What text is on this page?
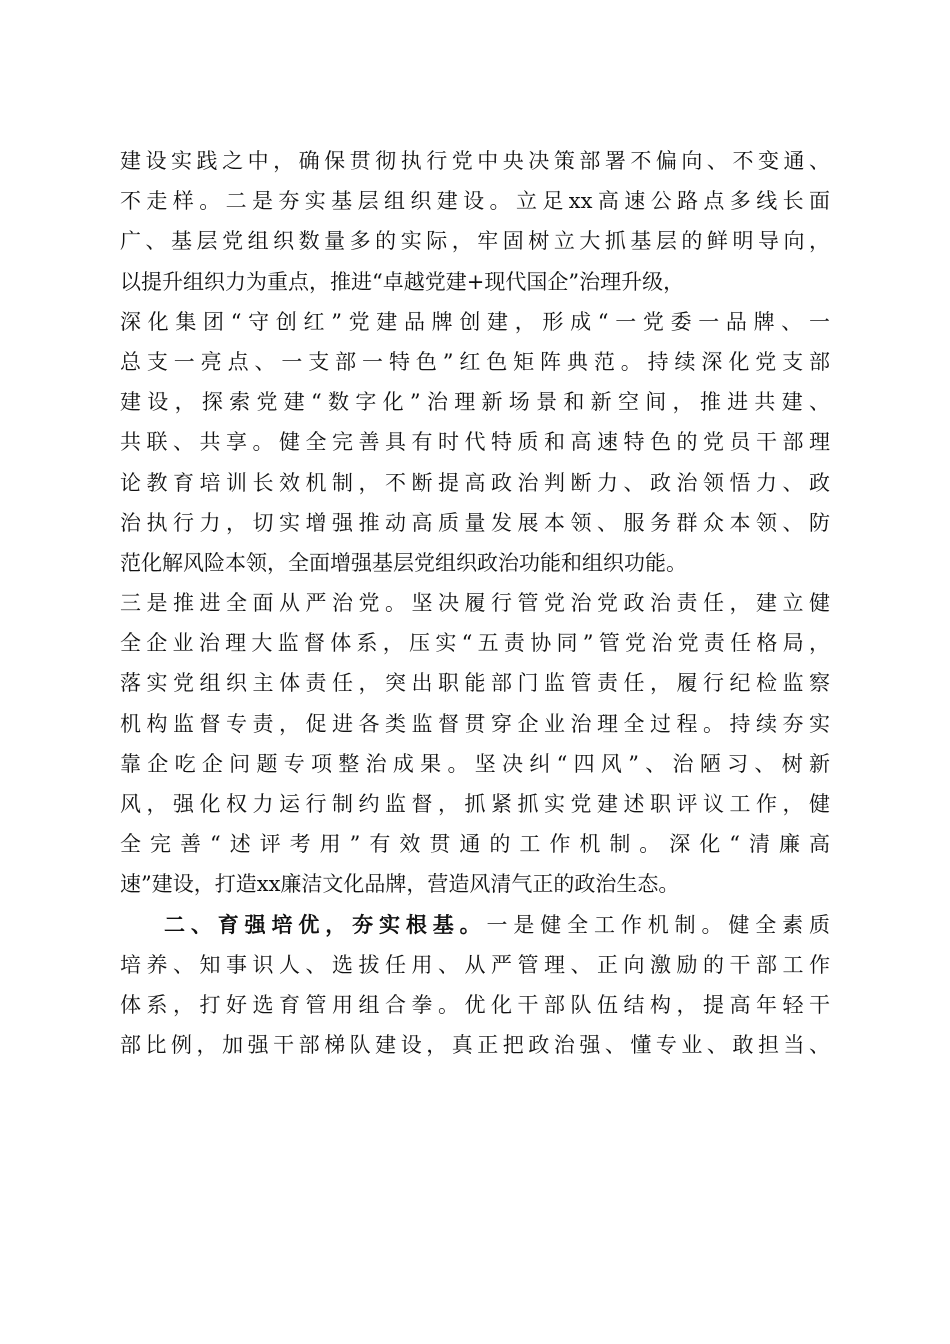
建设实践之中，确保贯彻执行党中央决策部署不偏向、不变通、
不走样。二是夯实基层组织建设。立足xx高速公路点多线长面
广、基层党组织数量多的实际，牢固树立大抓基层的鲜明导向，
以提升组织力为重点，推进“卓越党建+现代国企”治理升级，
深化集团“守创红”党建品牌创建，形成“一党委一品牌、一
总支一亮点、一支部一特色”红色矩阵典范。持续深化党支部
建设，探索党建“数字化”治理新场景和新空间，推进共建、
共联、共享。健全完善具有时代特质和高速特色的党员干部理
论教育培训长效机制，不断提高政治判断力、政治领悟力、政
治执行力，切实增强推动高质量发展本领、服务群众本领、防
范化解风险本领，全面增强基层党组织政治功能和组织功能。
三是推进全面从严治党。坚决履行管党治党政治责任，建立健
全企业治理大监督体系，压实“五责协同”管党治党责任格局，
落实党组织主体责任，突出职能部门监管责任，履行纪检监察
机构监督专责，促进各类监督贯穿企业治理全过程。持续夯实
靠企吃企问题专项整治成果。坚决纠“四风”、治陋习、树新
风，强化权力运行制约监督，抓紧抓实党建述职评议工作，健
全完善“述评考用”有效贯通的工作机制。深化“清廉高
速”建设，打造xx廉洁文化品牌，营造风清气正的政治生态。
二、育强培优，夯实根基。一是健全工作机制。健全素质
培养、知事识人、选拔任用、从严管理、正向激励的干部工作
体系，打好选育管用组合拳。优化干部队伍结构，提高年轻干
部比例，加强干部梯队建设，真正把政治强、懂专业、敢担当、
